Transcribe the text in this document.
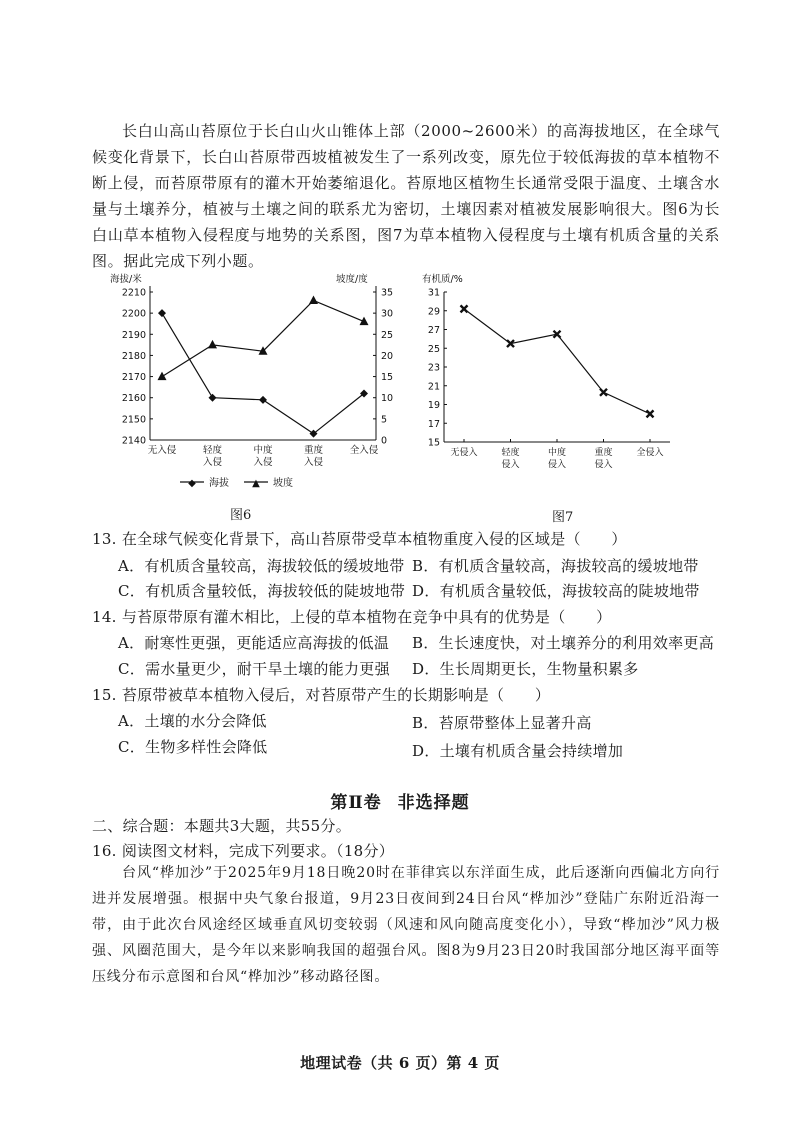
长白山高山苔原位于长白山火山锥体上部（2000~2600米）的高海拔地区，在全球气候变化背景下，长白山苔原带西坡植被发生了一系列改变，原先位于较低海拔的草本植物不断上侵，而苔原带原有的灌木开始萎缩退化。苔原地区植物生长通常受限于温度、土壤含水量与土壤养分，植被与土壤之间的联系尤为密切，土壤因素对植被发展影响很大。图6为长白山草本植物入侵程度与地势的关系图，图7为草本植物入侵程度与土壤有机质含量的关系图。据此完成下列小题。

海拔/米	坡度/度
2140
2150
2160
2170
2180
2190
2200
2210
0
5
10
15
20
25
30
35
无入侵	轻度
入侵
中度
入侵
重度
入侵
全入侵
◆ 海拔 ▲ 坡度
图6
有机质/%
15
17
19
21
23
25
27
29
31
无侵入	轻度
侵入
中度
侵入
重度
侵入
全侵入
图7
13. 在全球气候变化背景下，高山苔原带受草本植物重度入侵的区域是（　　）
A．有机质含量较高，海拔较低的缓坡地带 B．有机质含量较高，海拔较高的缓坡地带
C．有机质含量较低，海拔较低的陡坡地带 D．有机质含量较低，海拔较高的陡坡地带
14. 与苔原带原有灌木相比，上侵的草本植物在竞争中具有的优势是（　　）
A．耐寒性更强，更能适应高海拔的低温 B．生长速度快，对土壤养分的利用效率更高
C．需水量更少，耐干旱土壤的能力更强 D．生长周期更长，生物量积累多
15. 苔原带被草本植物入侵后，对苔原带产生的长期影响是（　　）
A．土壤的水分会降低	B．苔原带整体上显著升高
C．生物多样性会降低	D．土壤有机质含量会持续增加
第Ⅱ卷 非选择题
二、综合题：本题共3大题，共55分。
16. 阅读图文材料，完成下列要求。（18分）

台风“桦加沙”于2025年9月18日晚20时在菲律宾以东洋面生成，此后逐渐向西偏北方向行进并发展增强。根据中央气象台报道，9月23日夜间到24日台风“桦加沙”登陆广东附近沿海一带，由于此次台风途经区域垂直风切变较弱（风速和风向随高度变化小），导致“桦加沙”风力极强、风圈范围大，是今年以来影响我国的超强台风。图8为9月23日20时我国部分地区海平面等压线分布示意图和台风“桦加沙”移动路径图。

地理试卷（共 6 页）第 4 页
